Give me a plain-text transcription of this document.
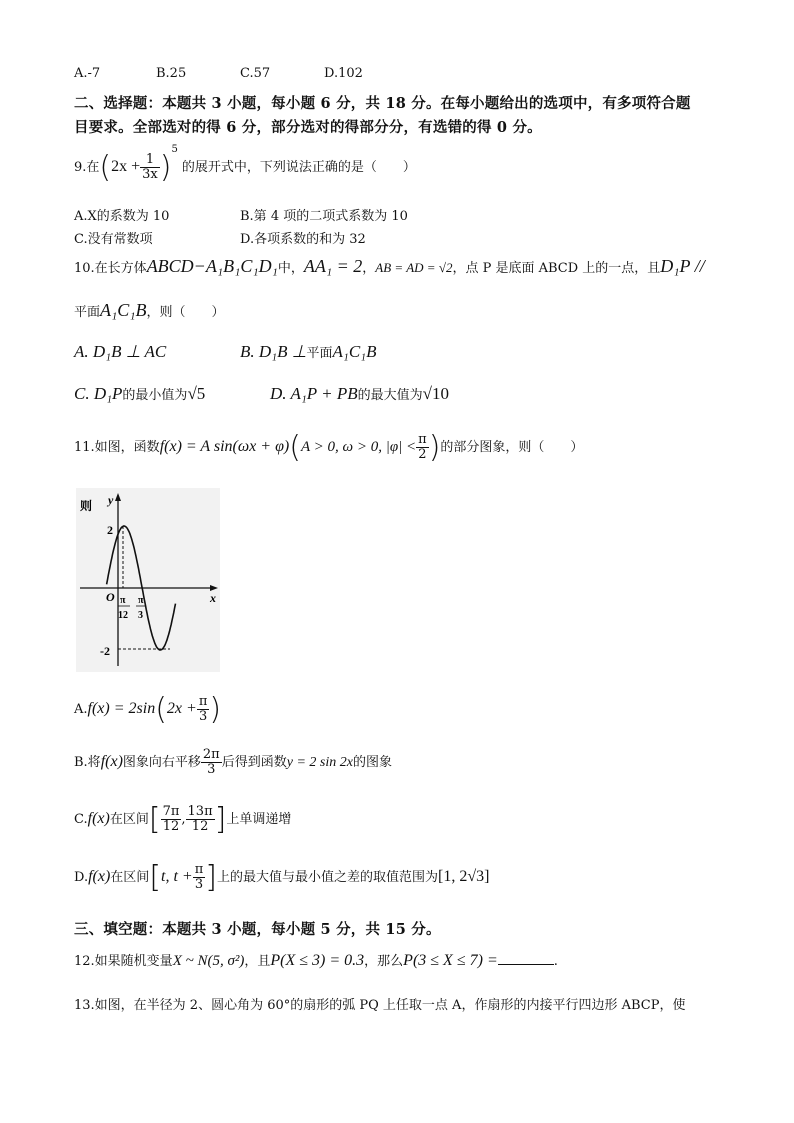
A.-7	B.25	C.57	D.102
二、选择题：本题共 3 小题，每小题 6 分，共 18 分。在每小题给出的选项中，有多项符合题
目要求。全部选对的得 6 分，部分选对的得部分分，有选错的得 0 分。
9.在$(2x + \frac{1}{3x} )^5$的展开式中，下列说法正确的是（　　）
A.X的系数为 10	B.第 4 项的二项式系数为 10
C.没有常数项	D.各项系数的和为 32
10.在长方体ABCD−A₁B₁C₁D₁中，AA₁ = 2，AB = AD = √2，点 P 是底面 ABCD 上的一点，且D₁P //
平面A₁C₁B，则（　　）
A. D₁B ⊥ AC	B. D₁B ⊥平面A₁C₁B
C. D₁P的最小值为√5	D. A₁P + PB的最大值为√10
11.如图，函数f(x) = A sin(ωx + φ)(A > 0, ω > 0, $|\varphi| < \frac{\pi}{2}$ )的部分图象，则（　　）
则 y
x
O
2
-2
π
12
π
3
$A.f(x) = 2\sin(2x + \frac{\pi}{3}$ )
B.将f(x)图象向右平移 $\frac{2\pi}{3}$ 后得到函数y = 2 sin 2x的图象
C.f(x)在区间[ $\frac{7\pi}{12}$ , $\frac{13\pi}{12}$ ]上单调递增
D.f(x)在区间[t, $t + \frac{\pi}{3}$ ]上的最大值与最小值之差的取值范围为[1, 2√3]
三、填空题：本题共 3 小题，每小题 5 分，共 15 分。
12.如果随机变量X ~ N(5, σ²)，且P(X ≤ 3) = 0.3，那么P(3 ≤ X ≤ 7) =	.
13.如图，在半径为 2、圆心角为 60°的扇形的弧 PQ 上任取一点 A，作扇形的内接平行四边形 ABCP，使
